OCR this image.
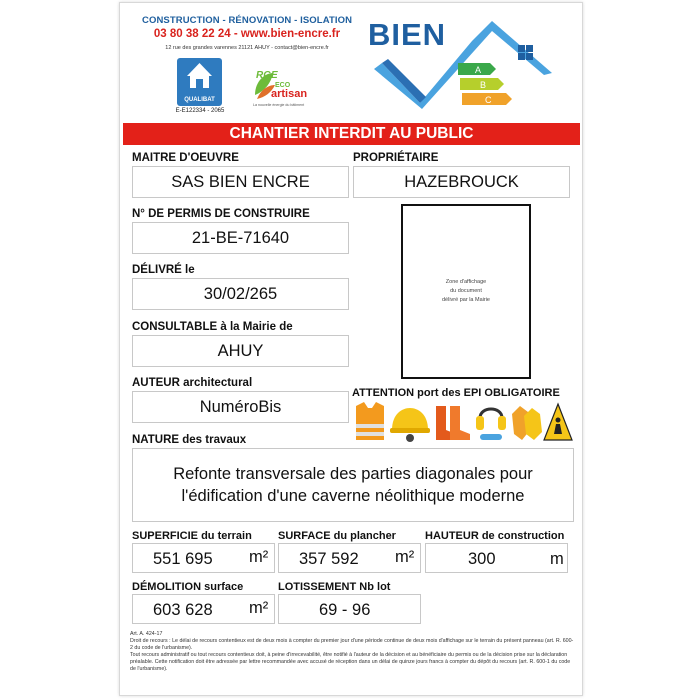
CONSTRUCTION - RÉNOVATION - ISOLATION
03 80 38 22 24 - www.bien-encre.fr
12 rue des grandes varennes 21121 AHUY - contact@bien-encre.fr
QUALIBAT
E-E122334 - 2065
RGE
ECO
artisan
La nouvelle énergie du bâtiment
A
B
C
BIEN
CHANTIER INTERDIT AU PUBLIC
MAITRE D'OEUVRE
SAS BIEN ENCRE
PROPRIÉTAIRE
HAZEBROUCK
N° DE PERMIS DE CONSTRUIRE
21-BE-71640
Zone d'affichage
du document
délivré par la Mairie
DÉLIVRÉ le
30/02/265
CONSULTABLE à la Mairie de
AHUY
AUTEUR architectural
NuméroBis
ATTENTION port des EPI OBLIGATOIRE
NATURE des travaux
Refonte transversale des parties diagonales pour l'édification d'une caverne néolithique moderne
SUPERFICIE du terrain
551 695 m²
SURFACE du plancher
357 592 m²
HAUTEUR de construction
300	m
DÉMOLITION surface
603 628 m²
LOTISSEMENT Nb lot
69 - 96
Art. A. 424-17
Droit de recours : Le délai de recours contentieux est de deux mois à compter du premier jour d'une période continue de deux mois d'affichage sur le terrain du présent panneau (art. R. 600-2 du code de l'urbanisme).
Tout recours administratif ou tout recours contentieux doit, à peine d'irrecevabilité, être notifié à l'auteur de la décision et au bénéficiaire du permis ou de la décision prise sur la déclaration préalable. Cette notification doit être adressée par lettre recommandée avec accusé de réception dans un délai de quinze jours francs à compter du dépôt du recours (art. R. 600-1 du code de l'urbanisme).
